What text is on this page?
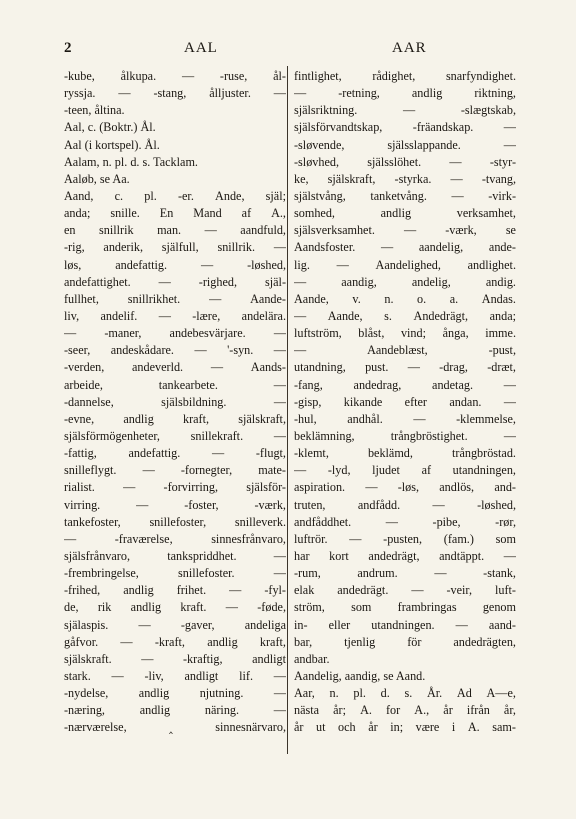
2	AAL	AAR
-kube, ålkupa. — -ruse, ål-
ryssja. — -stang, ålljuster. —
-teen, åltina.
Aal, c. (Boktr.) Ål.
Aal (i kortspel). Ål.
Aalam, n. pl. d. s. Tacklam.
Aaløb, se Aa.
Aand, c. pl. -er. Ande, själ;
anda; snille. En Mand af A.,
en snillrik man. — aandfuld,
-rig, anderik, själfull, snillrik. —
løs,	andefattig.	—	-løshed,
andefattighet. — -righed, själ-
fullhet, snillrikhet. — Aande-
liv, andelif. — -lære, andelära.
— -maner, andebesvärjare. —
-seer, andeskådare. — '-syn. —
-verden, andeverld. — Aands-
arbeide,	tankearbete.	—
-dannelse,	själsbildning.	—
-evne, andlig kraft, själskraft,
själsförmögenheter,	snillekraft.	—
-fattig,	andefattig.	—	-flugt,
snilleflygt. — -fornegter, mate-
rialist. — -forvirring, själsför-
virring.	—	-foster,	-værk,
tankefoster, snillefoster, snilleverk.
—	-fraværelse,	sinnesfrånvaro,
själsfrånvaro,	tankspriddhet.	—
-frembringelse,	snillefoster.	—
-frihed, andlig frihet. — -fyl-
de, rik andlig kraft. — -føde,
själaspis. — -gaver, andeliga
gåfvor. — -kraft, andlig kraft,
själskraft. — -kraftig, andligt
stark. — -liv, andligt lif. —
-nydelse, andlig njutning. —
-næring,	andlig	näring.	—
-nærværelse,	‸	sinnesnärvaro,
fintlighet,	rådighet,	snarfyndighet.
—	-retning,	andlig	riktning,
själsriktning.	—	-slægtskab,
själsförvandtskap, -fräandskap. —
-sløvende,	själsslappande.	—
-sløvhed, själsslöhet. — -styr-
ke, själskraft, -styrka. — -tvang,
själstvång, tanketvång. — -virk-
somhed,	andlig	verksamhet,
själsverksamhet. — -værk, se
Aandsfoster. — aandelig, ande-
lig. — Aandelighed, andlighet.
—	aandig,	andelig,	andig.
Aande, v. n. o. a. Andas.
— Aande, s. Andedrägt, anda;
luftström, blåst, vind; ånga, imme.
—	Aandeblæst,	-pust,
utandning, pust. — -drag, -dræt,
-fang,	andedrag,	andetag.	—
-gisp, kikande efter andan. —
-hul,	andhål.	—	-klemmelse,
beklämning,	trångbröstighet.	—
-klemt,	beklämd,	trångbröstad.
— -lyd, ljudet af utandningen,
aspiration. — -løs, andlös, and-
truten,	andfådd.	—	-løshed,
andfåddhet.	—	-pibe,	-rør,
luftrör. — -pusten, (fam.) som
har kort andedrägt, andtäppt. —
-rum,	andrum.	—	-stank,
elak andedrägt. — -veir, luft-
ström, som frambringas genom
in- eller utandningen. — aand-
bar,	tjenlig	för	andedrägten,
andbar.
Aandelig, aandig, se Aand.
Aar, n. pl. d. s. År. Ad A—e,
nästa år; A. for A., år ifrån år,
år ut och år in; være i A. sam-
